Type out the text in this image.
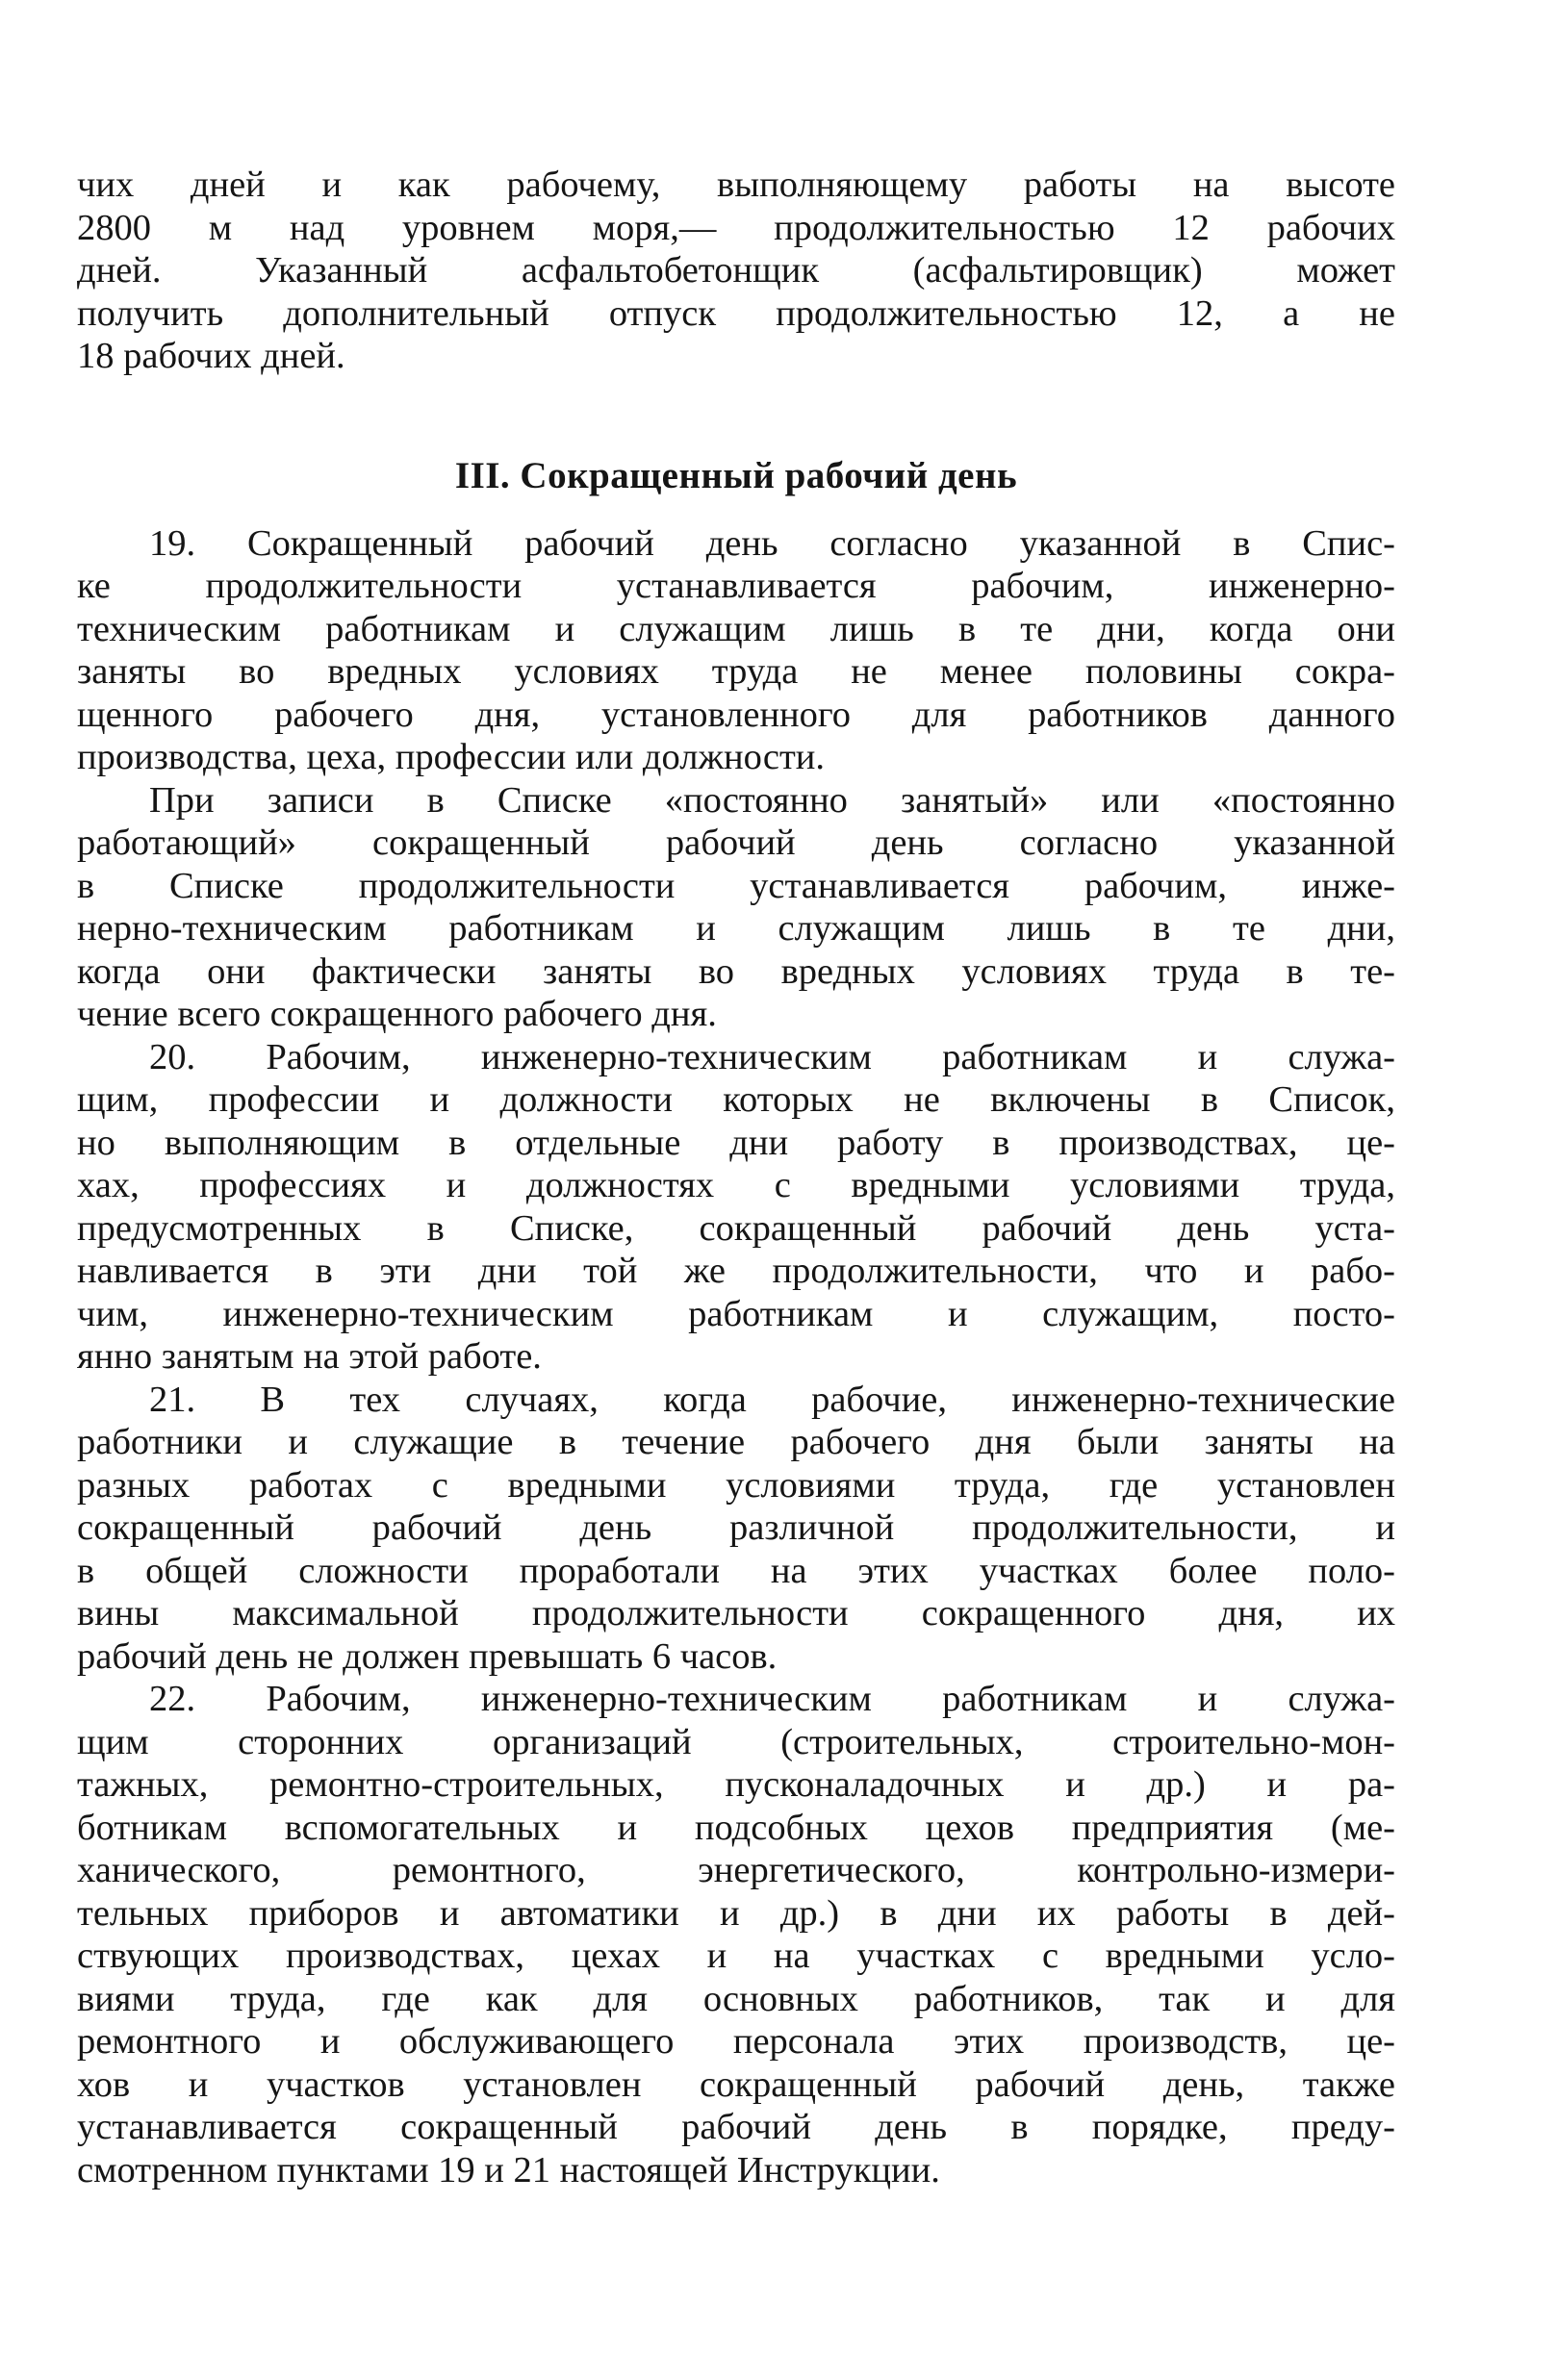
чих дней и как рабочему, выполняющему работы на высоте
2800 м над уровнем моря,— продолжительностью 12 рабочих
дней. Указанный асфальтобетонщик (асфальтировщик) может
получить дополнительный отпуск продолжительностью 12, а не
18 рабочих дней.
III. Сокращенный рабочий день
19. Сокращенный рабочий день согласно указанной в Спис-
ке продолжительности устанавливается рабочим, инженерно-
техническим работникам и служащим лишь в те дни, когда они
заняты во вредных условиях труда не менее половины сокра-
щенного рабочего дня, установленного для работников данного
производства, цеха, профессии или должности.
При записи в Списке «постоянно занятый» или «постоянно
работающий» сокращенный рабочий день согласно указанной
в Списке продолжительности устанавливается рабочим, инже-
нерно-техническим работникам и служащим лишь в те дни,
когда они фактически заняты во вредных условиях труда в те-
чение всего сокращенного рабочего дня.
20. Рабочим, инженерно-техническим работникам и служа-
щим, профессии и должности которых не включены в Список,
но выполняющим в отдельные дни работу в производствах, це-
хах, профессиях и должностях с вредными условиями труда,
предусмотренных в Списке, сокращенный рабочий день уста-
навливается в эти дни той же продолжительности, что и рабо-
чим, инженерно-техническим работникам и служащим, посто-
янно занятым на этой работе.
21. В тех случаях, когда рабочие, инженерно-технические
работники и служащие в течение рабочего дня были заняты на
разных работах с вредными условиями труда, где установлен
сокращенный рабочий день различной продолжительности, и
в общей сложности проработали на этих участках более поло-
вины максимальной продолжительности сокращенного дня, их
рабочий день не должен превышать 6 часов.
22. Рабочим, инженерно-техническим работникам и служа-
щим сторонних организаций (строительных, строительно-мон-
тажных, ремонтно-строительных, пусконаладочных и др.) и ра-
ботникам вспомогательных и подсобных цехов предприятия (ме-
ханического, ремонтного, энергетического, контрольно-измери-
тельных приборов и автоматики и др.) в дни их работы в дей-
ствующих производствах, цехах и на участках с вредными усло-
виями труда, где как для основных работников, так и для
ремонтного и обслуживающего персонала этих производств, це-
хов и участков установлен сокращенный рабочий день, также
устанавливается сокращенный рабочий день в порядке, преду-
смотренном пунктами 19 и 21 настоящей Инструкции.
